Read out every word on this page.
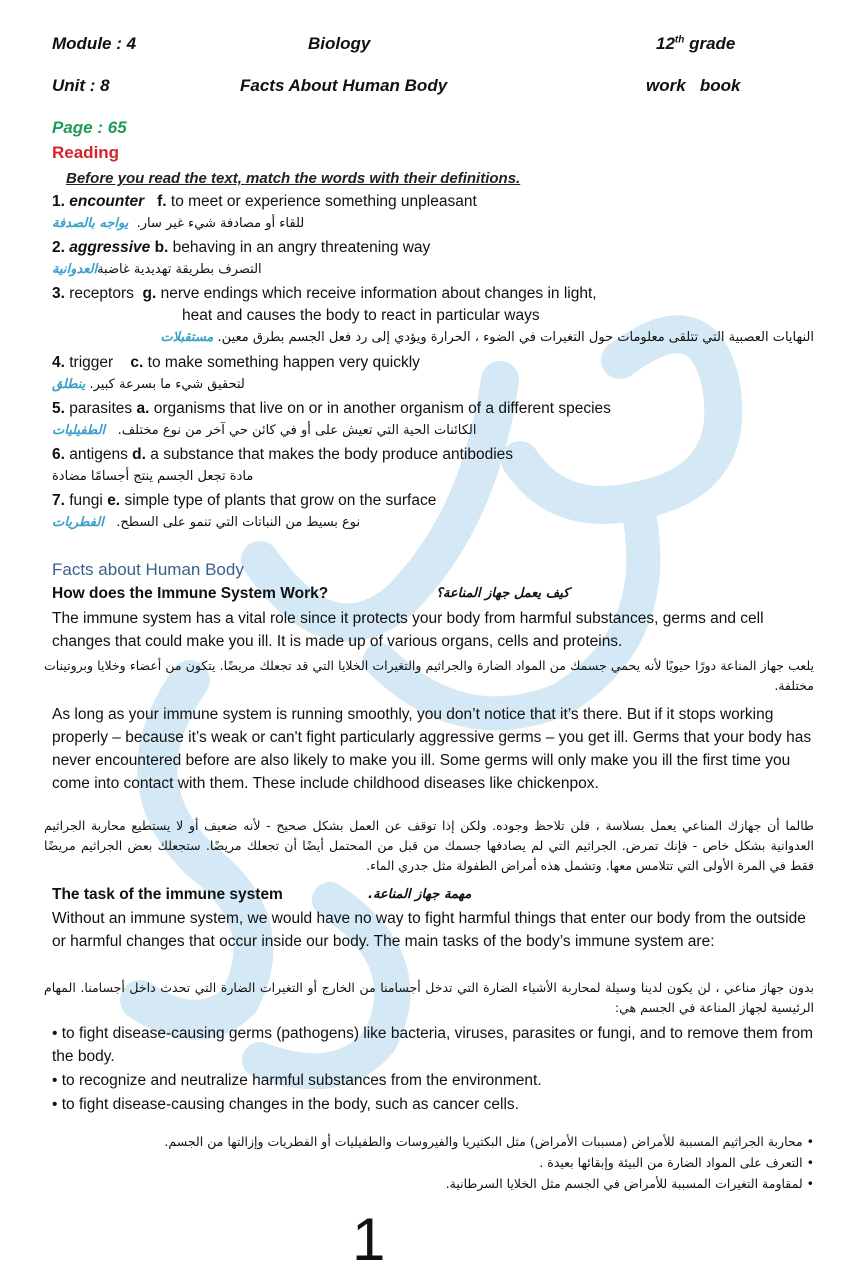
Module : 4	Biology	12th grade
Unit : 8	Facts About Human Body	work   book
Page : 65
Reading
Before you read the text, match the words with their definitions.
1. encounter f. to meet or experience something unpleasant
للقاء أو مصادفة شيء غير سار.  يواجه بالصدفة
2. aggressive b. behaving in an angry threatening way
التصرف بطريقة تهديدية غاضبةالعدوانية
3. receptors g. nerve endings which receive information about changes in light,
heat and causes the body to react in particular ways
النهايات العصبية التي تتلقى معلومات حول التغيرات في الضوء ، الحرارة ويؤدي إلى رد فعل الجسم بطرق معين. مستقبلات
4. trigger c. to make something happen very quickly
لتحقيق شيء ما بسرعة كبير. ينطلق
5. parasites a. organisms that live on or in another organism of a different species
الكائنات الحية التي تعيش على أو في كائن حي آخر من نوع مختلف.   الطفيليات
6. antigens d. a substance that makes the body produce antibodies
مادة تجعل الجسم ينتج أجسامًا مضادة
7. fungi e. simple type of plants that grow on the surface
نوع بسيط من النباتات التي تنمو على السطح.   الفطريات
Facts about Human Body
How does the Immune System Work?	كيف يعمل جهاز المناعة؟
The immune system has a vital role since it protects your body from harmful substances, germs and cell changes that could make you ill. It is made up of various organs, cells and proteins.
يلعب جهاز المناعة دورًا حيويًا لأنه يحمي جسمك من المواد الضارة والجراثيم والتغيرات الخلايا التي قد تجعلك مريضًا. يتكون من أعضاء وخلايا وبروتينات مختلفة.
As long as your immune system is running smoothly, you don’t notice that it’s there. But if it stops working properly – because it’s weak or can't fight particularly aggressive germs – you get ill. Germs that your body has never encountered before are also likely to make you ill. Some germs will only make you ill the first time you come into contact with them. These include childhood diseases like chickenpox.
طالما أن جهازك المناعي يعمل بسلاسة ، فلن تلاحظ وجوده. ولكن إذا توقف عن العمل بشكل صحيح - لأنه ضعيف أو لا يستطيع محاربة الجراثيم العدوانية بشكل خاص - فإنك تمرض. الجراثيم التي لم يصادفها جسمك من قبل من المحتمل أيضًا أن تجعلك مريضًا. ستجعلك بعض الجراثيم مريضًا فقط في المرة الأولى التي تتلامس معها. وتشمل هذه أمراض الطفولة مثل جدري الماء.
The task of the immune system	مهمة جهاز المناعة.
Without an immune system, we would have no way to fight harmful things that enter our body from the outside or harmful changes that occur inside our body. The main tasks of the body’s immune system are:
بدون جهاز مناعي ، لن يكون لدينا وسيلة لمحاربة الأشياء الضارة التي تدخل أجسامنا من الخارج أو التغيرات الضارة التي تحدث داخل أجسامنا. المهام الرئيسية لجهاز المناعة في الجسم هي:
• to fight disease-causing germs (pathogens) like bacteria, viruses, parasites or fungi, and to remove them from the body.
• to recognize and neutralize harmful substances from the environment.
• to fight disease-causing changes in the body, such as cancer cells.
• محاربة الجراثيم المسببة للأمراض (مسببات الأمراض) مثل البكتيريا والفيروسات والطفيليات أو الفطريات وإزالتها من الجسم.
• التعرف على المواد الضارة من البيئة وإبقائها بعيدة .
• لمقاومة التغيرات المسببة للأمراض في الجسم مثل الخلايا السرطانية.
1
